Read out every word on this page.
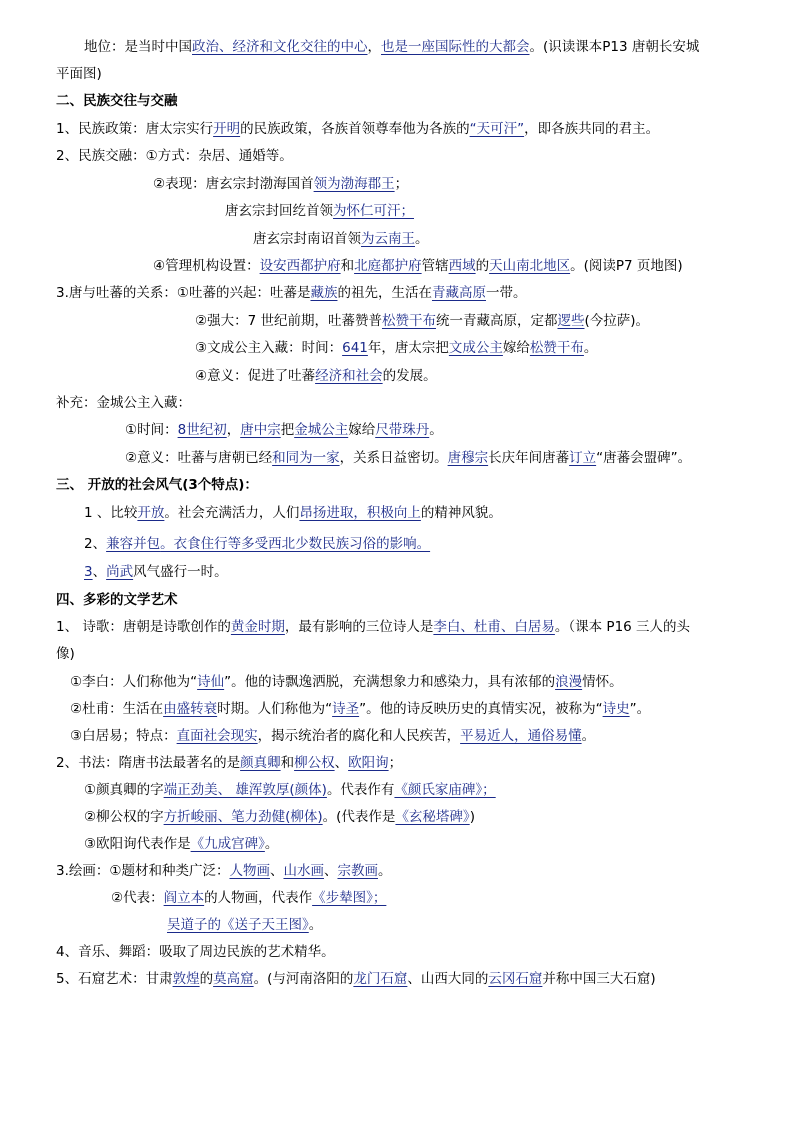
地位：是当时中国政治、经济和文化交往的中心，也是一座国际性的大都会。(识读课本P13 唐朝长安城
平面图)
二、民族交往与交融
1、民族政策：唐太宗实行开明的民族政策，各族首领尊奉他为各族的“天可汗”，即各族共同的君主。
2、民族交融：①方式：杂居、通婚等。
②表现：唐玄宗封渤海国首领为渤海郡王；
唐玄宗封回纥首领为怀仁可汗；
唐玄宗封南诏首领为云南王。
④管理机构设置：设安西都护府和北庭都护府管辖西域的天山南北地区。(阅读P7 页地图)
3.唐与吐蕃的关系：①吐蕃的兴起：吐蕃是藏族的祖先，生活在青藏高原一带。
②强大：7 世纪前期，吐蕃赞普松赞干布统一青藏高原，定都逻些(今拉萨)。
③文成公主入藏：时间：641年，唐太宗把文成公主嫁给松赞干布。
④意义：促进了吐蕃经济和社会的发展。
补充：金城公主入藏：
①时间：8世纪初，唐中宗把金城公主嫁给尺带珠丹。
②意义：吐蕃与唐朝已经和同为一家，关系日益密切。唐穆宗长庆年间唐蕃订立“唐蕃会盟碑”。
三、 开放的社会风气(3个特点)：
1 、比较开放。社会充满活力，人们昂扬进取，积极向上的精神风貌。
2、兼容并包。衣食住行等多受西北少数民族习俗的影响。
3、尚武风气盛行一时。
四、多彩的文学艺术
1、 诗歌：唐朝是诗歌创作的黄金时期，最有影响的三位诗人是李白、杜甫、白居易。（课本 P16 三人的头
像)
①李白：人们称他为“诗仙”。他的诗飘逸洒脱，充满想象力和感染力，具有浓郁的浪漫情怀。
②杜甫：生活在由盛转衰时期。人们称他为“诗圣”。他的诗反映历史的真情实况，被称为“诗史”。
③白居易；特点：直面社会现实，揭示统治者的腐化和人民疾苦，平易近人，通俗易懂。
2、书法：隋唐书法最著名的是颜真卿和柳公权、欧阳询；
①颜真卿的字端正劲美、 雄浑敦厚(颜体)。代表作有《颜氏家庙碑》；
②柳公权的字方折峻丽、笔力劲健(柳体)。(代表作是《玄秘塔碑》)
③欧阳询代表作是《九成宫碑》。
3.绘画：①题材和种类广泛：人物画、山水画、宗教画。
②代表：阎立本的人物画，代表作《步辇图》；
吴道子的《送子天王图》。
4、音乐、舞蹈：吸取了周边民族的艺术精华。
5、石窟艺术：甘肃敦煌的莫高窟。(与河南洛阳的龙门石窟、山西大同的云冈石窟并称中国三大石窟)
